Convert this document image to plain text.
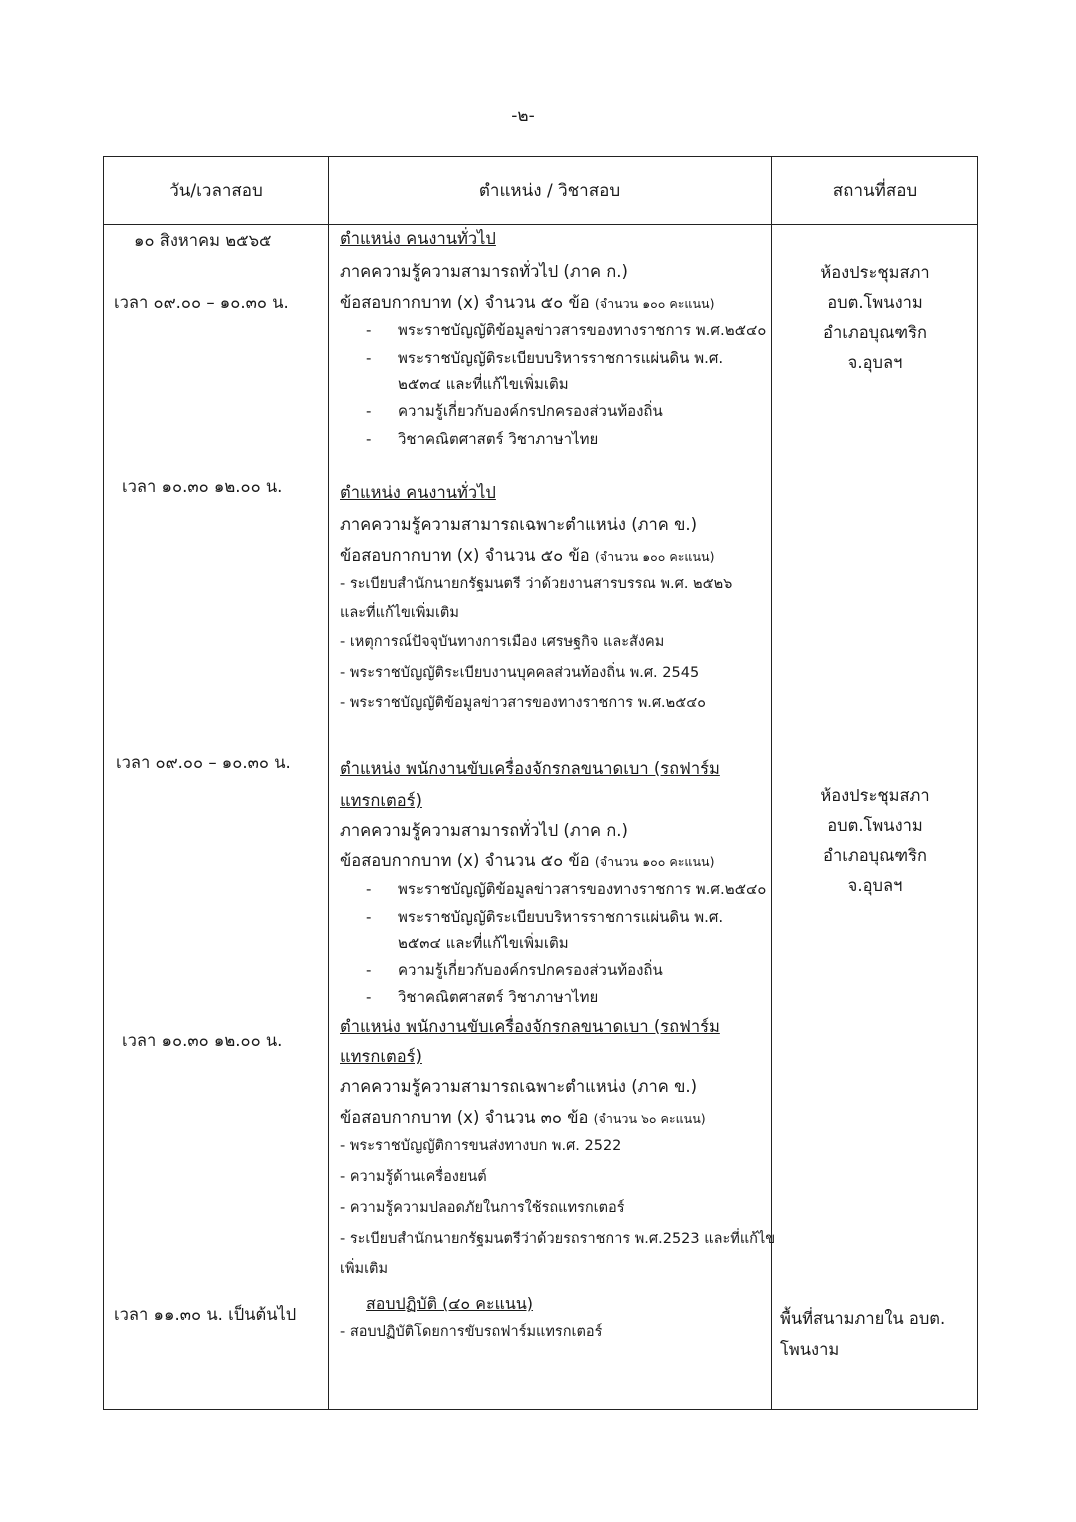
-๒-
วัน/เวลาสอบ	ตำแหน่ง / วิชาสอบ	สถานที่สอบ
๑๐ สิงหาคม ๒๕๖๕
เวลา ๐๙.๐๐ – ๑๐.๓๐ น.
เวลา ๑๐.๓๐ ๑๒.๐๐ น.
เวลา ๐๙.๐๐ – ๑๐.๓๐ น.
เวลา ๑๐.๓๐ ๑๒.๐๐ น.
เวลา ๑๑.๓๐ น. เป็นต้นไป
ตำแหน่ง คนงานทั่วไป
ภาคความรู้ความสามารถทั่วไป (ภาค ก.)
ข้อสอบกากบาท (x) จำนวน ๕๐ ข้อ (จำนวน ๑๐๐ คะแนน)
- พระราชบัญญัติข้อมูลข่าวสารของทางราชการ พ.ศ.๒๕๔๐
- พระราชบัญญัติระเบียบบริหารราชการแผ่นดิน พ.ศ.
๒๕๓๔ และที่แก้ไขเพิ่มเติม
- ความรู้เกี่ยวกับองค์กรปกครองส่วนท้องถิ่น
- วิชาคณิตศาสตร์ วิชาภาษาไทย
ตำแหน่ง คนงานทั่วไป
ภาคความรู้ความสามารถเฉพาะตำแหน่ง (ภาค ข.)
ข้อสอบกากบาท (x) จำนวน ๕๐ ข้อ (จำนวน ๑๐๐ คะแนน)
- ระเบียบสำนักนายกรัฐมนตรี ว่าด้วยงานสารบรรณ พ.ศ. ๒๕๒๖
และที่แก้ไขเพิ่มเติม
- เหตุการณ์ปัจจุบันทางการเมือง เศรษฐกิจ และสังคม
- พระราชบัญญัติระเบียบงานบุคคลส่วนท้องถิ่น พ.ศ. 2545
- พระราชบัญญัติข้อมูลข่าวสารของทางราชการ พ.ศ.๒๕๔๐
ตำแหน่ง พนักงานขับเครื่องจักรกลขนาดเบา (รถฟาร์ม
แทรกเตอร์)
ภาคความรู้ความสามารถทั่วไป (ภาค ก.)
ข้อสอบกากบาท (x) จำนวน ๕๐ ข้อ (จำนวน ๑๐๐ คะแนน)
- พระราชบัญญัติข้อมูลข่าวสารของทางราชการ พ.ศ.๒๕๔๐
- พระราชบัญญัติระเบียบบริหารราชการแผ่นดิน พ.ศ.
๒๕๓๔ และที่แก้ไขเพิ่มเติม
- ความรู้เกี่ยวกับองค์กรปกครองส่วนท้องถิ่น
- วิชาคณิตศาสตร์ วิชาภาษาไทย
ตำแหน่ง พนักงานขับเครื่องจักรกลขนาดเบา (รถฟาร์ม
แทรกเตอร์)
ภาคความรู้ความสามารถเฉพาะตำแหน่ง (ภาค ข.)
ข้อสอบกากบาท (x) จำนวน ๓๐ ข้อ (จำนวน ๖๐ คะแนน)
- พระราชบัญญัติการขนส่งทางบก พ.ศ. 2522
- ความรู้ด้านเครื่องยนต์
- ความรู้ความปลอดภัยในการใช้รถแทรกเตอร์
- ระเบียบสำนักนายกรัฐมนตรีว่าด้วยรถราชการ พ.ศ.2523 และที่แก้ไข
เพิ่มเติม
สอบปฏิบัติ (๔๐ คะแนน)
- สอบปฏิบัติโดยการขับรถฟาร์มแทรกเตอร์
ห้องประชุมสภา
อบต.โพนงาม
อำเภอบุณฑริก
จ.อุบลฯ
ห้องประชุมสภา
อบต.โพนงาม
อำเภอบุณฑริก
จ.อุบลฯ
พื้นที่สนามภายใน อบต.
โพนงาม
